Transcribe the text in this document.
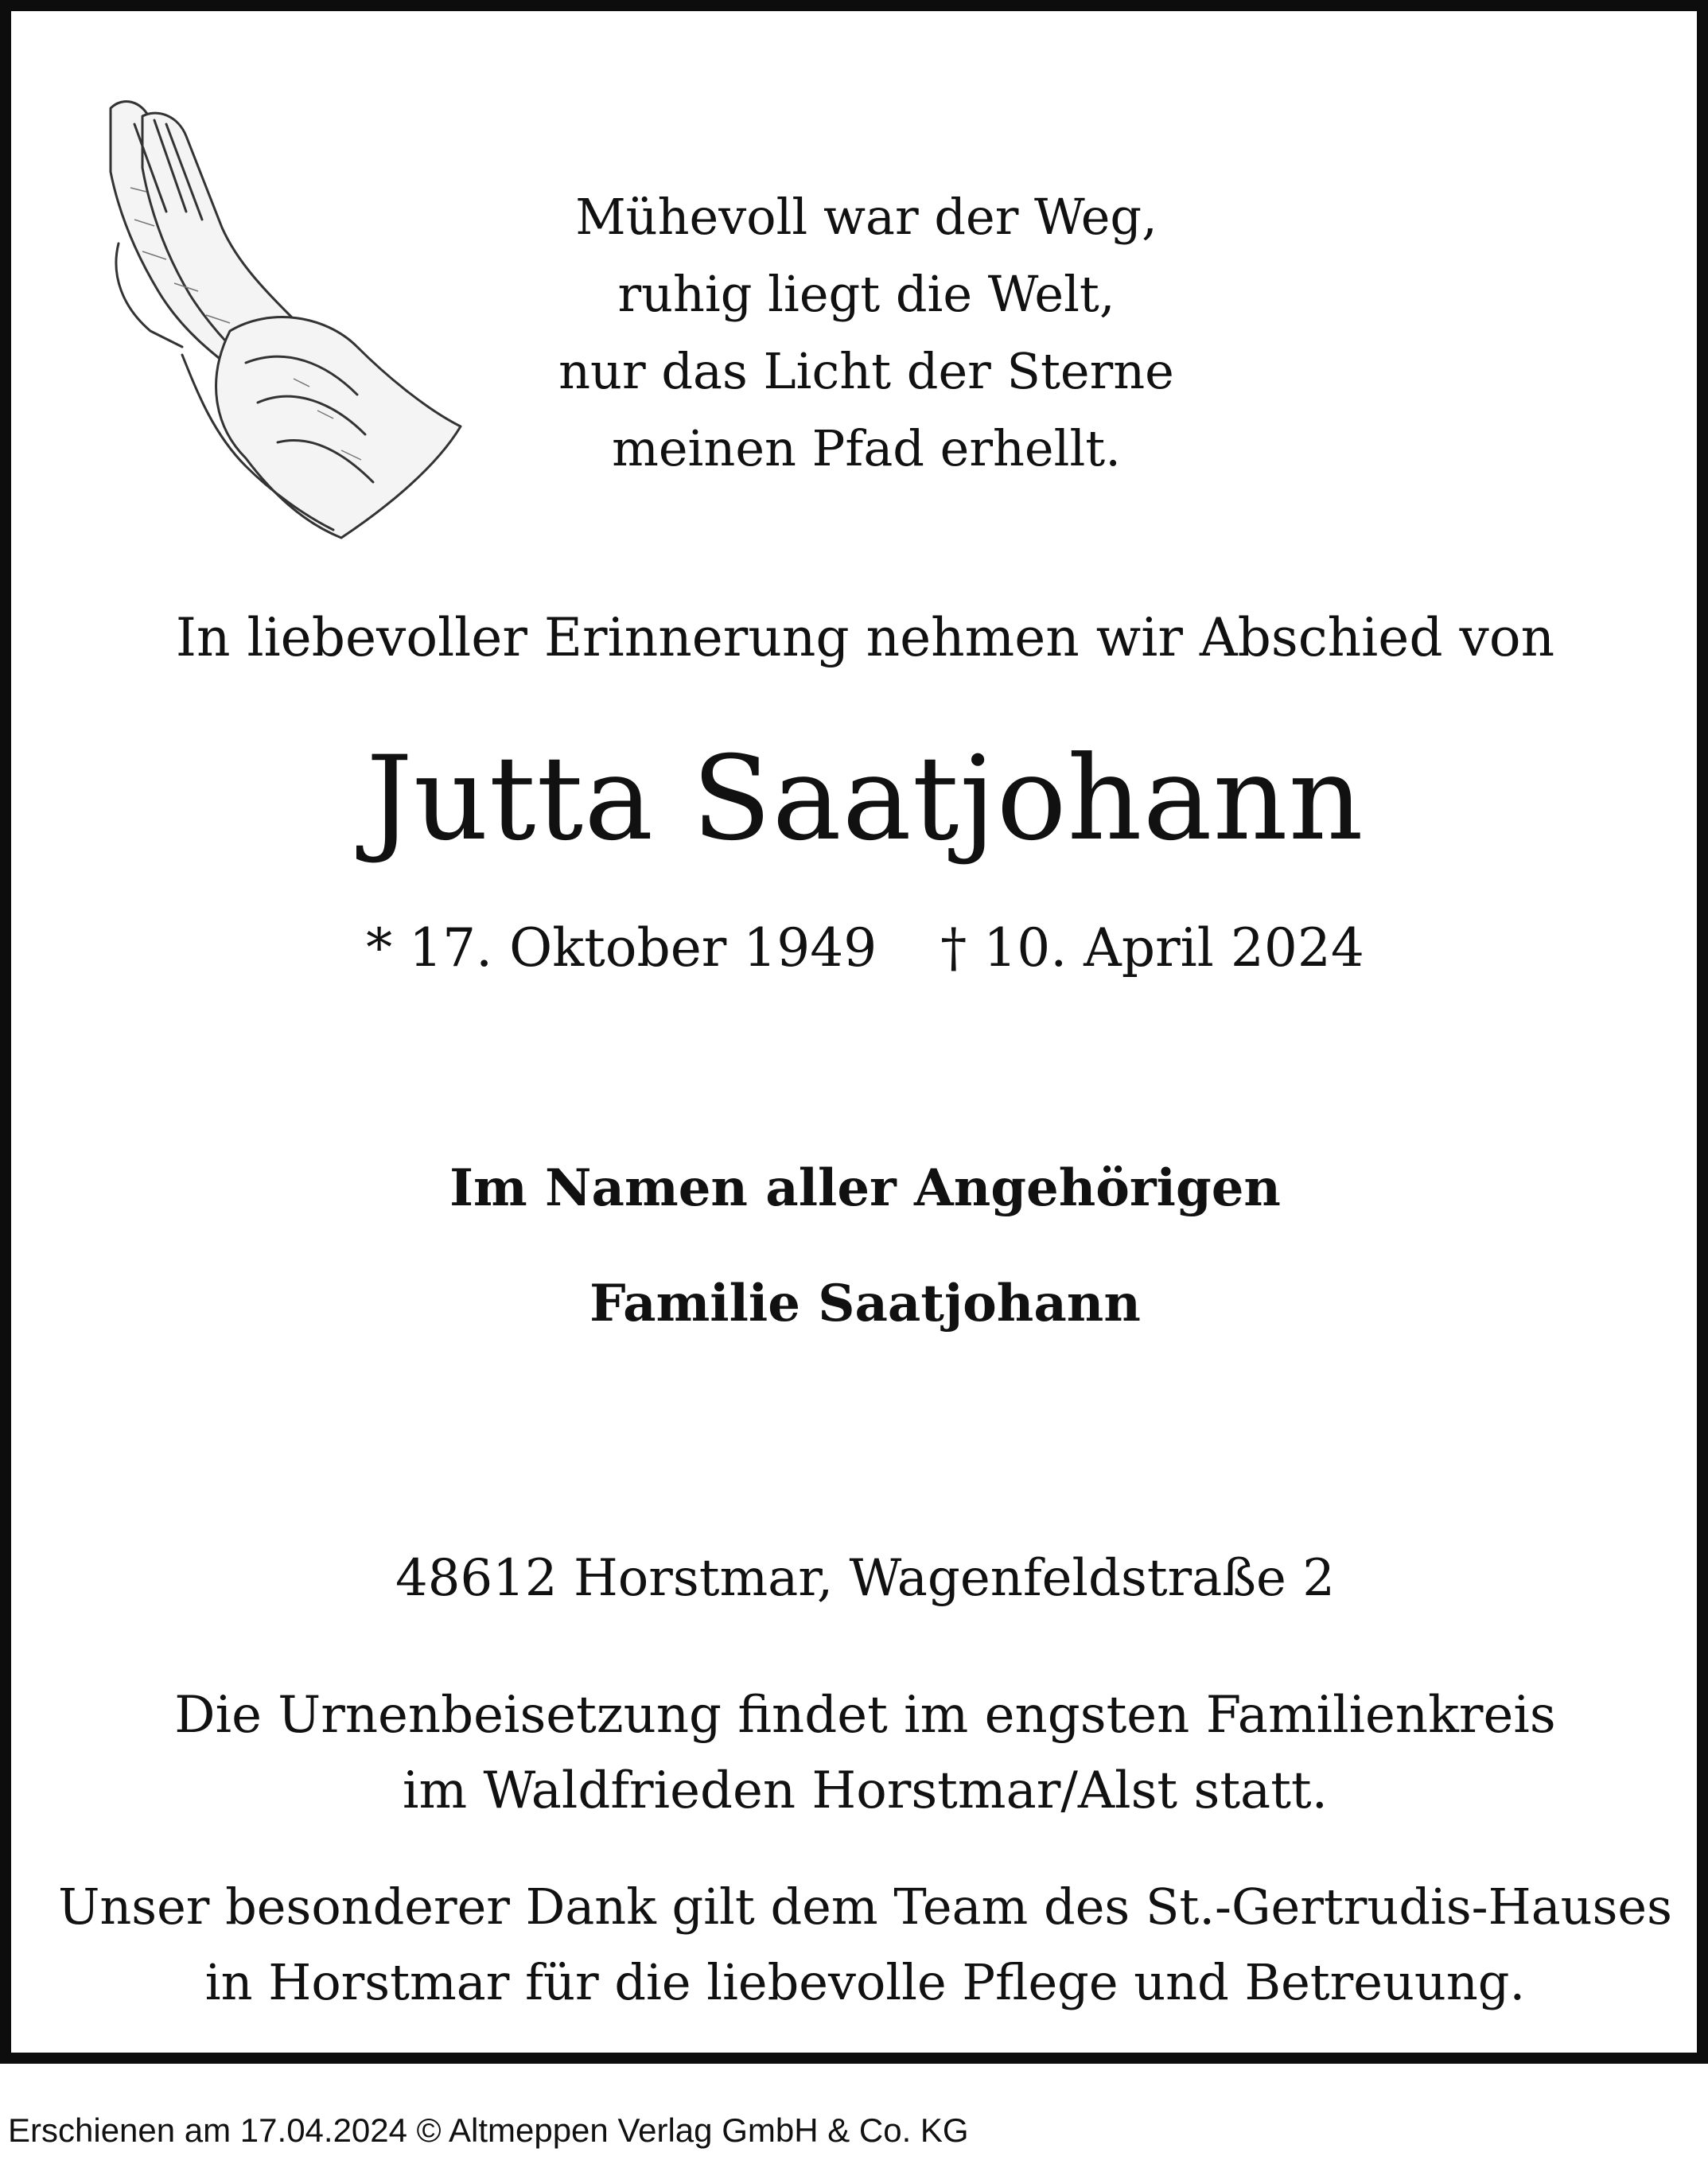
Mühevoll war der Weg,
ruhig liegt die Welt,
nur das Licht der Sterne
meinen Pfad erhellt.
In liebevoller Erinnerung nehmen wir Abschied von
Jutta Saatjohann
* 17. Oktober 1949 † 10. April 2024
Im Namen aller Angehörigen
Familie Saatjohann
48612 Horstmar, Wagenfeldstraße 2
Die Urnenbeisetzung findet im engsten Familienkreis
im Waldfrieden Horstmar/Alst statt.
Unser besonderer Dank gilt dem Team des St.-Gertrudis-Hauses
in Horstmar für die liebevolle Pflege und Betreuung.
Erschienen am 17.04.2024 © Altmeppen Verlag GmbH & Co. KG
